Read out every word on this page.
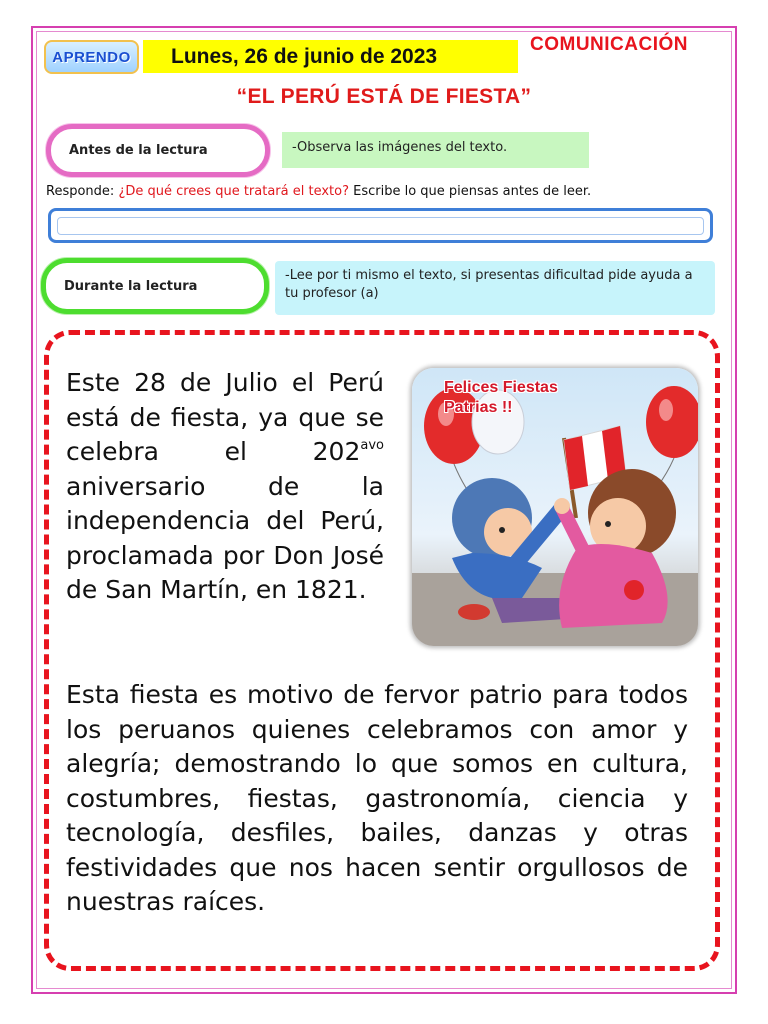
APRENDO Lunes, 26 de junio de 2023	COMUNICACIÓN
“EL PERÚ ESTÁ DE FIESTA”
Antes de la lectura	-Observa las imágenes del texto.
Responde: ¿De qué crees que tratará el texto? Escribe lo que piensas antes de leer.
Durante la lectura
-Lee por ti mismo el texto, si presentas dificultad pide ayuda a tu profesor (a)

Este 28 de Julio el Perú está de fiesta, ya que se celebra el $202^{avo}$ aniversario de la independencia del Perú, proclamada por Don José de San Martín, en 1821.

Felices Fiestas
Patrias !!

Esta fiesta es motivo de fervor patrio para todos los peruanos quienes celebramos con amor y alegría; demostrando lo que somos en cultura, costumbres, fiestas, gastronomía, ciencia y tecnología, desfiles, bailes, danzas y otras festividades que nos hacen sentir orgullosos de nuestras raíces.
